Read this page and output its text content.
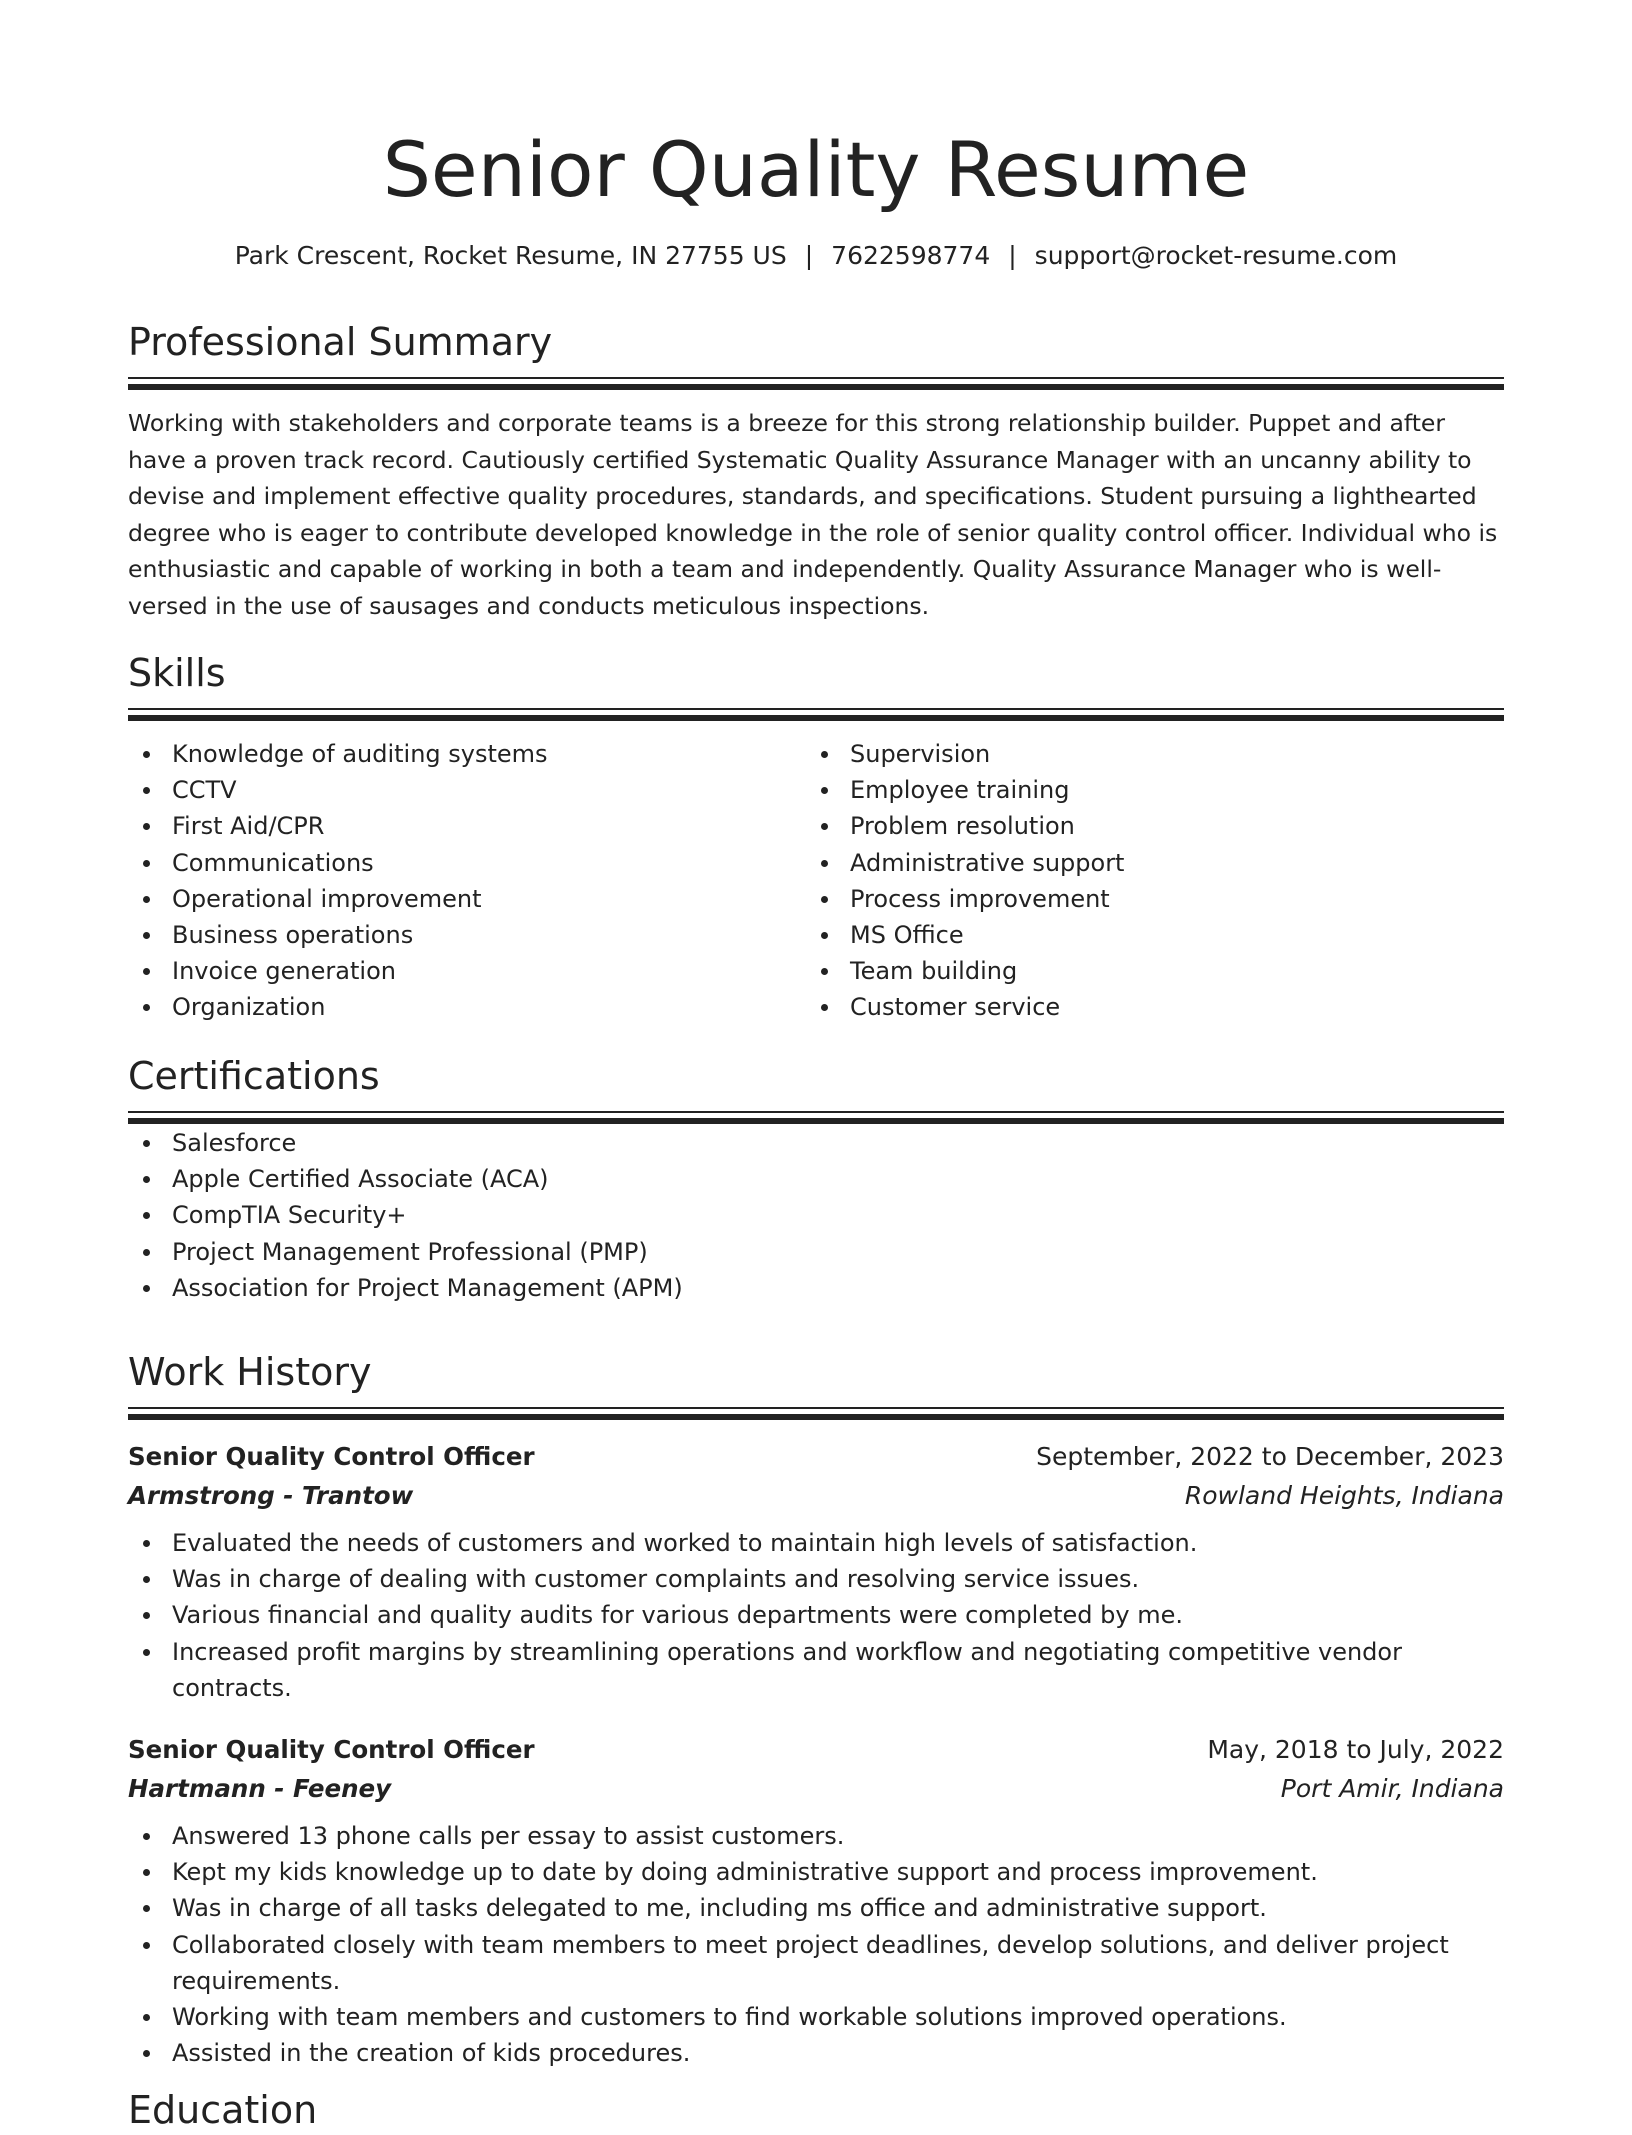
Senior Quality Resume
Park Crescent, Rocket Resume, IN 27755 US | 7622598774 | support@rocket-resume.com
Professional Summary

Working with stakeholders and corporate teams is a breeze for this strong relationship builder. Puppet and after have a proven track record. Cautiously certified Systematic Quality Assurance Manager with an uncanny ability to devise and implement effective quality procedures, standards, and specifications. Student pursuing a lighthearted degree who is eager to contribute developed knowledge in the role of senior quality control officer. Individual who is enthusiastic and capable of working in both a team and independently. Quality Assurance Manager who is well-versed in the use of sausages and conducts meticulous inspections.

Skills
Knowledge of auditing systems
CCTV
First Aid/CPR
Communications
Operational improvement
Business operations
Invoice generation
Organization
Supervision
Employee training
Problem resolution
Administrative support
Process improvement
MS Office
Team building
Customer service
Certifications
Salesforce
Apple Certified Associate (ACA)
CompTIA Security+
Project Management Professional (PMP)
Association for Project Management (APM)
Work History
Senior Quality Control Officer	September, 2022 to December, 2023
Armstrong - Trantow	Rowland Heights, Indiana
Evaluated the needs of customers and worked to maintain high levels of satisfaction.
Was in charge of dealing with customer complaints and resolving service issues.
Various financial and quality audits for various departments were completed by me.
Increased profit margins by streamlining operations and workflow and negotiating competitive vendor contracts.
Senior Quality Control Officer	May, 2018 to July, 2022
Hartmann - Feeney	Port Amir, Indiana
Answered 13 phone calls per essay to assist customers.
Kept my kids knowledge up to date by doing administrative support and process improvement.
Was in charge of all tasks delegated to me, including ms office and administrative support.
Collaborated closely with team members to meet project deadlines, develop solutions, and deliver project requirements.
Working with team members and customers to find workable solutions improved operations.
Assisted in the creation of kids procedures.
Education
